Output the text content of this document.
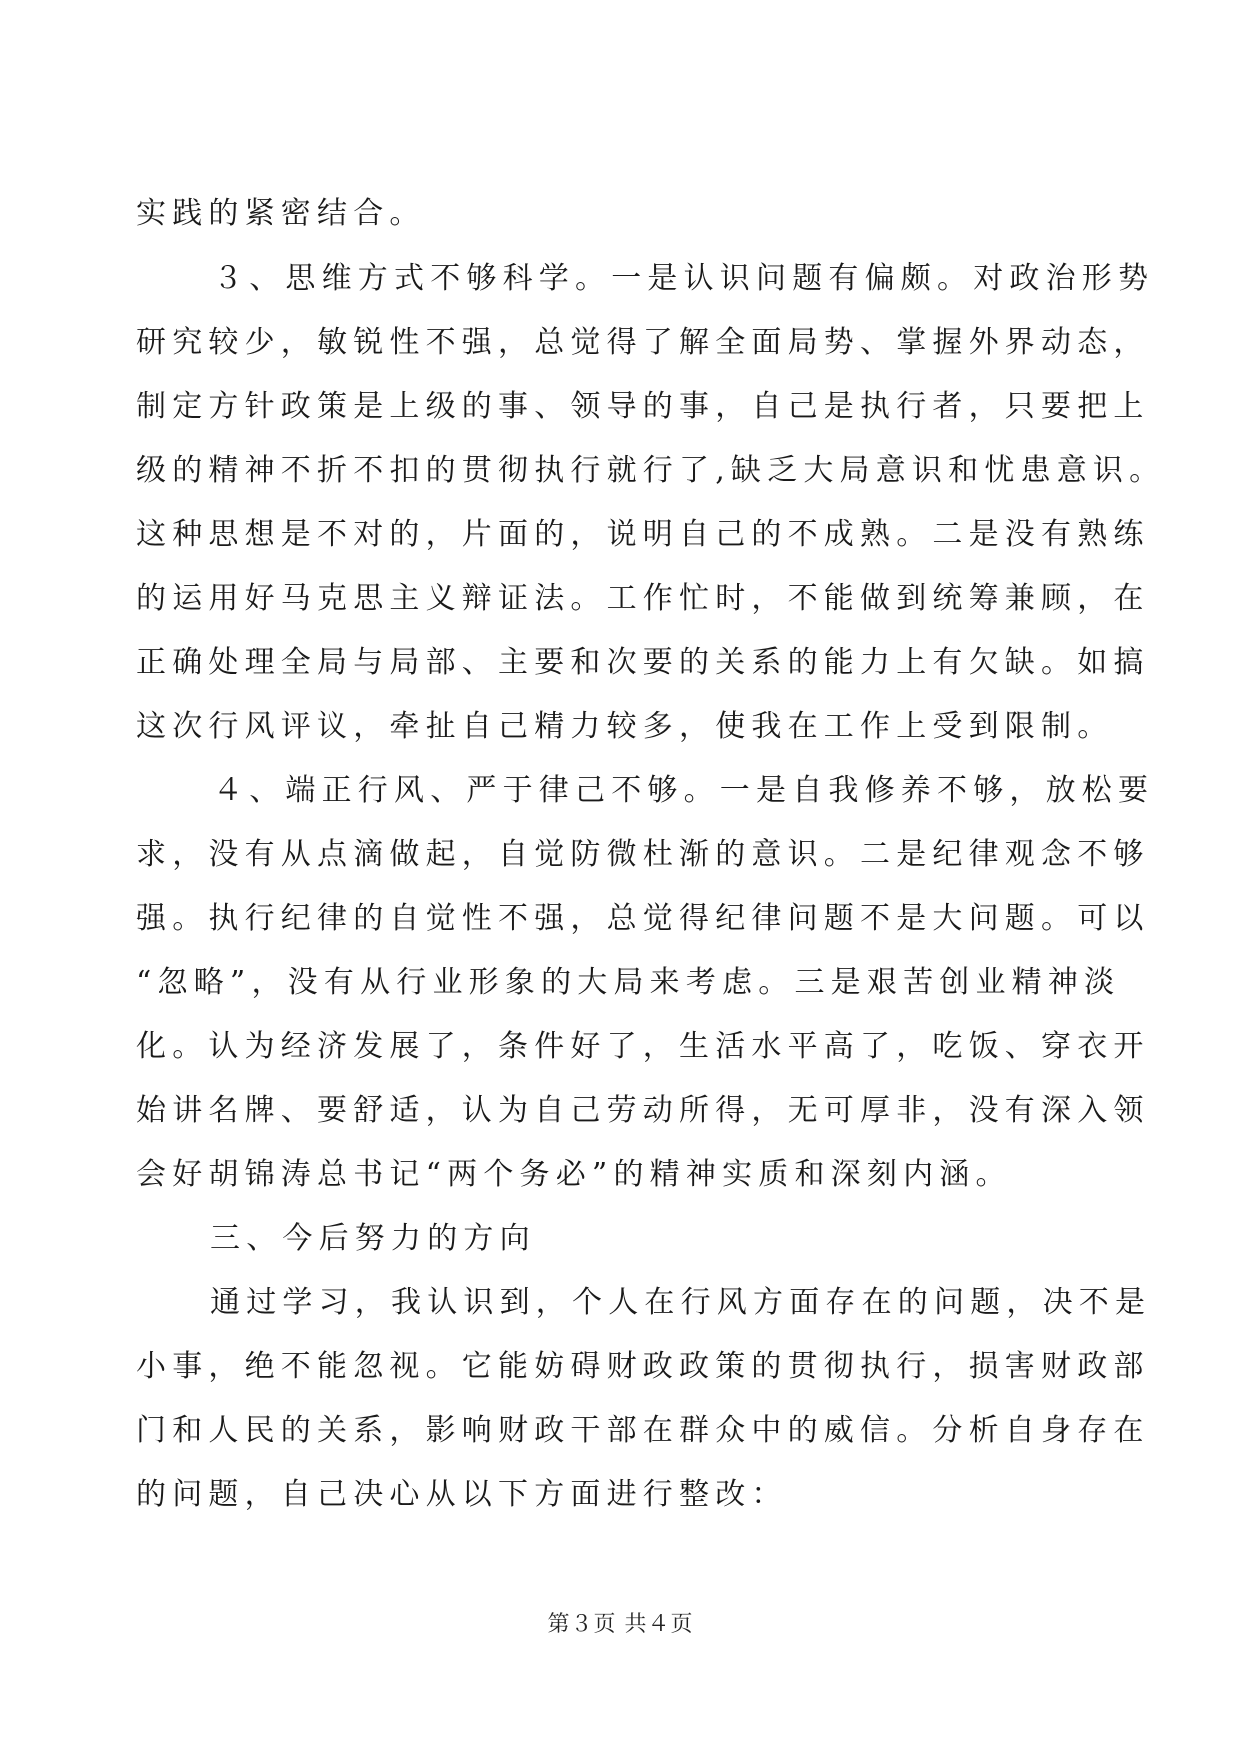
实践的紧密结合。
３、思维方式不够科学。一是认识问题有偏颇。对政治形势
研究较少，敏锐性不强，总觉得了解全面局势、掌握外界动态，
制定方针政策是上级的事、领导的事，自己是执行者，只要把上
级的精神不折不扣的贯彻执行就行了,缺乏大局意识和忧患意识。
这种思想是不对的，片面的，说明自己的不成熟。二是没有熟练
的运用好马克思主义辩证法。工作忙时，不能做到统筹兼顾，在
正确处理全局与局部、主要和次要的关系的能力上有欠缺。如搞
这次行风评议，牵扯自己精力较多，使我在工作上受到限制。
４、端正行风、严于律己不够。一是自我修养不够，放松要
求，没有从点滴做起，自觉防微杜渐的意识。二是纪律观念不够
强。执行纪律的自觉性不强，总觉得纪律问题不是大问题。可以
“忽略”，没有从行业形象的大局来考虑。三是艰苦创业精神淡
化。认为经济发展了，条件好了，生活水平高了，吃饭、穿衣开
始讲名牌、要舒适，认为自己劳动所得，无可厚非，没有深入领
会好胡锦涛总书记“两个务必”的精神实质和深刻内涵。
三、今后努力的方向
通过学习，我认识到，个人在行风方面存在的问题，决不是
小事，绝不能忽视。它能妨碍财政政策的贯彻执行，损害财政部
门和人民的关系，影响财政干部在群众中的威信。分析自身存在
的问题，自己决心从以下方面进行整改：
第３页 共４页
